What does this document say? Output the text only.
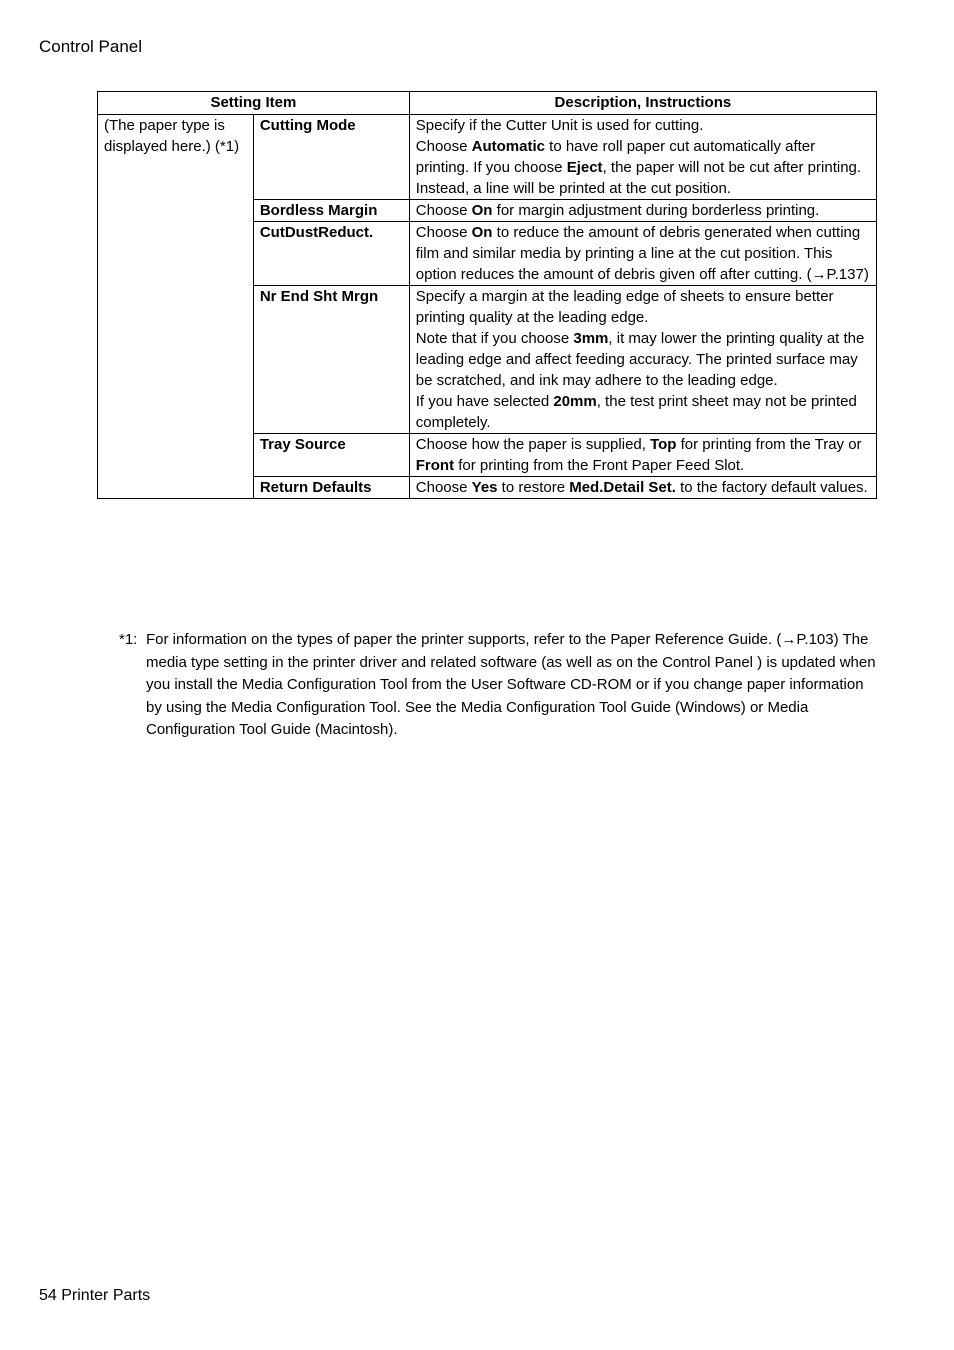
Control Panel
Setting Item		Description, Instructions
(The paper type is displayed here.) (*1)	Cutting Mode	Specify if the Cutter Unit is used for cutting.
Choose Automatic to have roll paper cut automatically after printing. If you choose Eject, the paper will not be cut after printing. Instead, a line will be printed at the cut position.
	Bordless Margin	Choose On for margin adjustment during borderless printing.
	CutDustReduct.	Choose On to reduce the amount of debris generated when cutting film and similar media by printing a line at the cut position. This option reduces the amount of debris given off after cutting. (→P.137)
	Nr End Sht Mrgn	Specify a margin at the leading edge of sheets to ensure better printing quality at the leading edge.
Note that if you choose 3mm, it may lower the printing quality at the leading edge and affect feeding accuracy. The printed surface may be scratched, and ink may adhere to the leading edge.
If you have selected 20mm, the test print sheet may not be printed completely.
	Tray Source	Choose how the paper is supplied, Top for printing from the Tray or Front for printing from the Front Paper Feed Slot.
	Return Defaults	Choose Yes to restore Med.Detail Set. to the factory default values.
*1: For information on the types of paper the printer supports, refer to the Paper Reference Guide. (→P.103) The media type setting in the printer driver and related software (as well as on the Control Panel ) is updated when you install the Media Configuration Tool from the User Software CD-ROM or if you change paper information by using the Media Configuration Tool. See the Media Configuration Tool Guide (Windows) or Media Configuration Tool Guide (Macintosh).
54 Printer Parts
